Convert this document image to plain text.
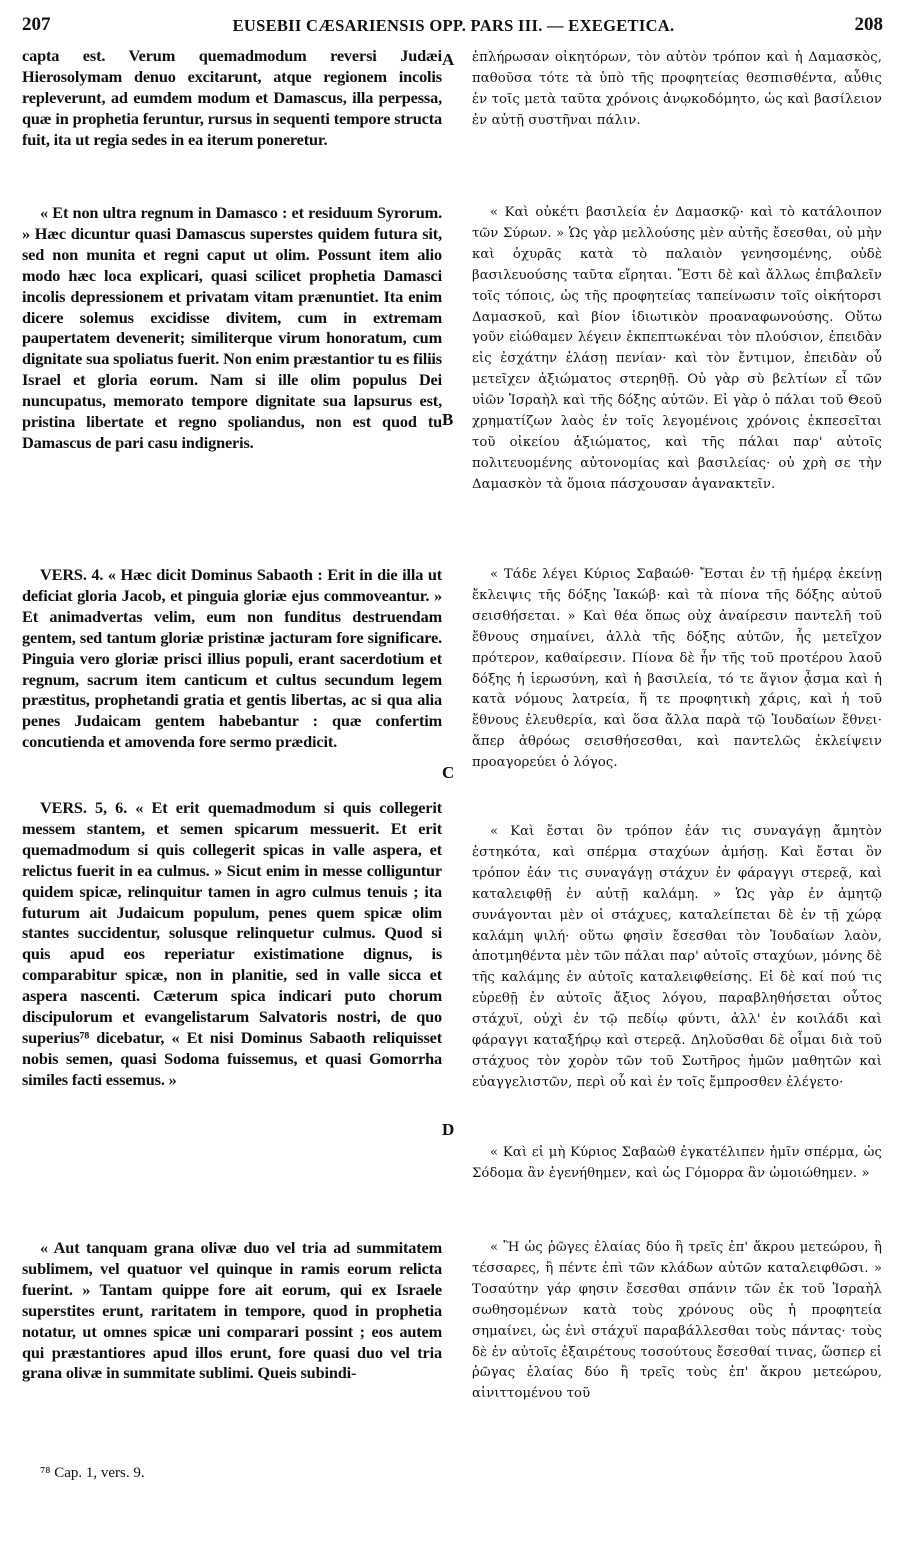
207	EUSEBII CÆSARIENSIS OPP. PARS III. — EXEGETICA.	208

capta est. Verum quemadmodum reversi Judæi Hierosolymam denuo excitarunt, atque regionem incolis repleverunt, ad eumdem modum et Damascus, illa perpessa, quæ in prophetia feruntur, rursus in sequenti tempore structa fuit, ita ut regia sedes in ea iterum poneretur.

« Et non ultra regnum in Damasco : et residuum Syrorum. » Hæc dicuntur quasi Damascus superstes quidem futura sit, sed non munita et regni caput ut olim. Possunt item alio modo hæc loca explicari, quasi scilicet prophetia Damasci incolis depressionem et privatam vitam prænuntiet. Ita enim dicere solemus excidisse divitem, cum in extremam paupertatem devenerit; similiterque virum honoratum, cum dignitate sua spoliatus fuerit. Non enim præstantior tu es filiis Israel et gloria eorum. Nam si ille olim populus Dei nuncupatus, memorato tempore dignitate sua lapsurus est, pristina libertate et regno spoliandus, non est quod tu Damascus de pari casu indigneris.

VERS. 4. « Hæc dicit Dominus Sabaoth : Erit in die illa ut deficiat gloria Jacob, et pinguia gloriæ ejus commoveantur. » Et animadvertas velim, eum non funditus destruendam gentem, sed tantum gloriæ pristinæ jacturam fore significare. Pinguia vero gloriæ prisci illius populi, erant sacerdotium et regnum, sacrum item canticum et cultus secundum legem præstitus, prophetandi gratia et gentis libertas, ac si qua alia penes Judaicam gentem habebantur : quæ confertim concutienda et amovenda fore sermo prædicit.

VERS. 5, 6. « Et erit quemadmodum si quis collegerit messem stantem, et semen spicarum messuerit. Et erit quemadmodum si quis collegerit spicas in valle aspera, et relictus fuerit in ea culmus. » Sicut enim in messe colliguntur quidem spicæ, relinquitur tamen in agro culmus tenuis ; ita futurum ait Judaicum populum, penes quem spicæ olim stantes succidentur, solusque relinquetur culmus. Quod si quis apud eos reperiatur existimatione dignus, is comparabitur spicæ, non in planitie, sed in valle sicca et aspera nascenti. Cæterum spica indicari puto chorum discipulorum et evangelistarum Salvatoris nostri, de quo superius⁷⁸ dicebatur, « Et nisi Dominus Sabaoth reliquisset nobis semen, quasi Sodoma fuissemus, et quasi Gomorrha similes facti essemus. »

« Aut tanquam grana olivæ duo vel tria ad summitatem sublimem, vel quatuor vel quinque in ramis eorum relicta fuerint. » Tantam quippe fore ait eorum, qui ex Israele superstites erunt, raritatem in tempore, quod in prophetia notatur, ut omnes spicæ uni comparari possint ; eos autem qui præstantiores apud illos erunt, fore quasi duo vel tria grana olivæ in summitate sublimi. Queis subindi-

A
B
C
D

ἐπλήρωσαν οἰκητόρων, τὸν αὐτὸν τρόπον καὶ ἡ Δαμασκὸς, παθοῦσα τότε τὰ ὑπὸ τῆς προφητείας θεσπισθέντα, αὖθις ἐν τοῖς μετὰ ταῦτα χρόνοις ἀνῳκοδόμητο, ὡς καὶ βασίλειον ἐν αὐτῇ συστῆναι πάλιν.

« Καὶ οὐκέτι βασιλεία ἐν Δαμασκῷ· καὶ τὸ κατάλοιπον τῶν Σύρων. » Ὡς γὰρ μελλούσης μὲν αὐτῆς ἔσεσθαι, οὐ μὴν καὶ ὀχυρᾶς κατὰ τὸ παλαιὸν γενησομένης, οὐδὲ βασιλευούσης ταῦτα εἴρηται. Ἔστι δὲ καὶ ἄλλως ἐπιβαλεῖν τοῖς τόποις, ὡς τῆς προφητείας ταπείνωσιν τοῖς οἰκήτορσι Δαμασκοῦ, καὶ βίον ἰδιωτικὸν προαναφωνούσης. Οὕτω γοῦν εἰώθαμεν λέγειν ἐκπεπτωκέναι τὸν πλούσιον, ἐπειδὰν εἰς ἐσχάτην ἐλάσῃ πενίαν· καὶ τὸν ἔντιμον, ἐπειδὰν οὗ μετεῖχεν ἀξιώματος στερηθῇ. Οὐ γὰρ σὺ βελτίων εἶ τῶν υἱῶν Ἰσραὴλ καὶ τῆς δόξης αὐτῶν. Εἰ γὰρ ὁ πάλαι τοῦ Θεοῦ χρηματίζων λαὸς ἐν τοῖς λεγομένοις χρόνοις ἐκπεσεῖται τοῦ οἰκείου ἀξιώματος, καὶ τῆς πάλαι παρ' αὐτοῖς πολιτευομένης αὐτονομίας καὶ βασιλείας· οὐ χρὴ σε τὴν Δαμασκὸν τὰ ὅμοια πάσχουσαν ἀγανακτεῖν.

« Τάδε λέγει Κύριος Σαβαώθ· Ἔσται ἐν τῇ ἡμέρᾳ ἐκείνῃ ἔκλειψις τῆς δόξης Ἰακώβ· καὶ τὰ πίονα τῆς δόξης αὐτοῦ σεισθήσεται. » Καὶ θέα ὅπως οὐχ ἀναίρεσιν παντελῆ τοῦ ἔθνους σημαίνει, ἀλλὰ τῆς δόξης αὐτῶν, ἧς μετεῖχον πρότερον, καθαίρεσιν. Πίονα δὲ ἦν τῆς τοῦ προτέρου λαοῦ δόξης ἡ ἱερωσύνη, καὶ ἡ βασιλεία, τό τε ἅγιον ᾆσμα καὶ ἡ κατὰ νόμους λατρεία, ἥ τε προφητικὴ χάρις, καὶ ἡ τοῦ ἔθνους ἐλευθερία, καὶ ὅσα ἄλλα παρὰ τῷ Ἰουδαίων ἔθνει· ἅπερ ἀθρόως σεισθήσεσθαι, καὶ παντελῶς ἐκλείψειν προαγορεύει ὁ λόγος.

« Καὶ ἔσται ὃν τρόπον ἐάν τις συναγάγῃ ἄμητὸν ἑστηκότα, καὶ σπέρμα σταχύων ἀμήσῃ. Καὶ ἔσται ὃν τρόπον ἐάν τις συναγάγῃ στάχυν ἐν φάραγγι στερεᾷ, καὶ καταλειφθῇ ἐν αὐτῇ καλάμη. » Ὡς γὰρ ἐν ἀμητῷ συνάγονται μὲν οἱ στάχυες, καταλείπεται δὲ ἐν τῇ χώρᾳ καλάμη ψιλή· οὕτω φησὶν ἔσεσθαι τὸν Ἰουδαίων λαὸν, ἀποτμηθέντα μὲν τῶν πάλαι παρ' αὐτοῖς σταχύων, μόνης δὲ τῆς καλάμης ἐν αὐτοῖς καταλειφθείσης. Εἰ δὲ καί πού τις εὑρεθῇ ἐν αὐτοῖς ἄξιος λόγου, παραβληθήσεται οὗτος στάχυϊ, οὐχὶ ἐν τῷ πεδίῳ φύντι, ἀλλ' ἐν κοιλάδι καὶ φάραγγι καταξήρῳ καὶ στερεᾷ. Δηλοῦσθαι δὲ οἶμαι διὰ τοῦ στάχυος τὸν χορὸν τῶν τοῦ Σωτῆρος ἡμῶν μαθητῶν καὶ εὐαγγελιστῶν, περὶ οὗ καὶ ἐν τοῖς ἔμπροσθεν ἐλέγετο·

« Καὶ εἰ μὴ Κύριος Σαβαὼθ ἐγκατέλιπεν ἡμῖν σπέρμα, ὡς Σόδομα ἂν ἐγενήθημεν, καὶ ὡς Γόμορρα ἂν ὡμοιώθημεν. »

« Ἢ ὡς ῥῶγες ἐλαίας δύο ἢ τρεῖς ἐπ' ἄκρου μετεώρου, ἢ τέσσαρες, ἢ πέντε ἐπὶ τῶν κλάδων αὐτῶν καταλειφθῶσι. » Τοσαύτην γάρ φησιν ἔσεσθαι σπάνιν τῶν ἐκ τοῦ Ἰσραὴλ σωθησομένων κατὰ τοὺς χρόνους οὓς ἡ προφητεία σημαίνει, ὡς ἑνὶ στάχυϊ παραβάλλεσθαι τοὺς πάντας· τοὺς δὲ ἐν αὐτοῖς ἐξαιρέτους τοσούτους ἔσεσθαί τινας, ὥσπερ εἰ ῥῶγας ἐλαίας δύο ἢ τρεῖς τοὺς ἐπ' ἄκρου μετεώρου, αἰνιττομένου τοῦ

⁷⁸ Cap. 1, vers. 9.
